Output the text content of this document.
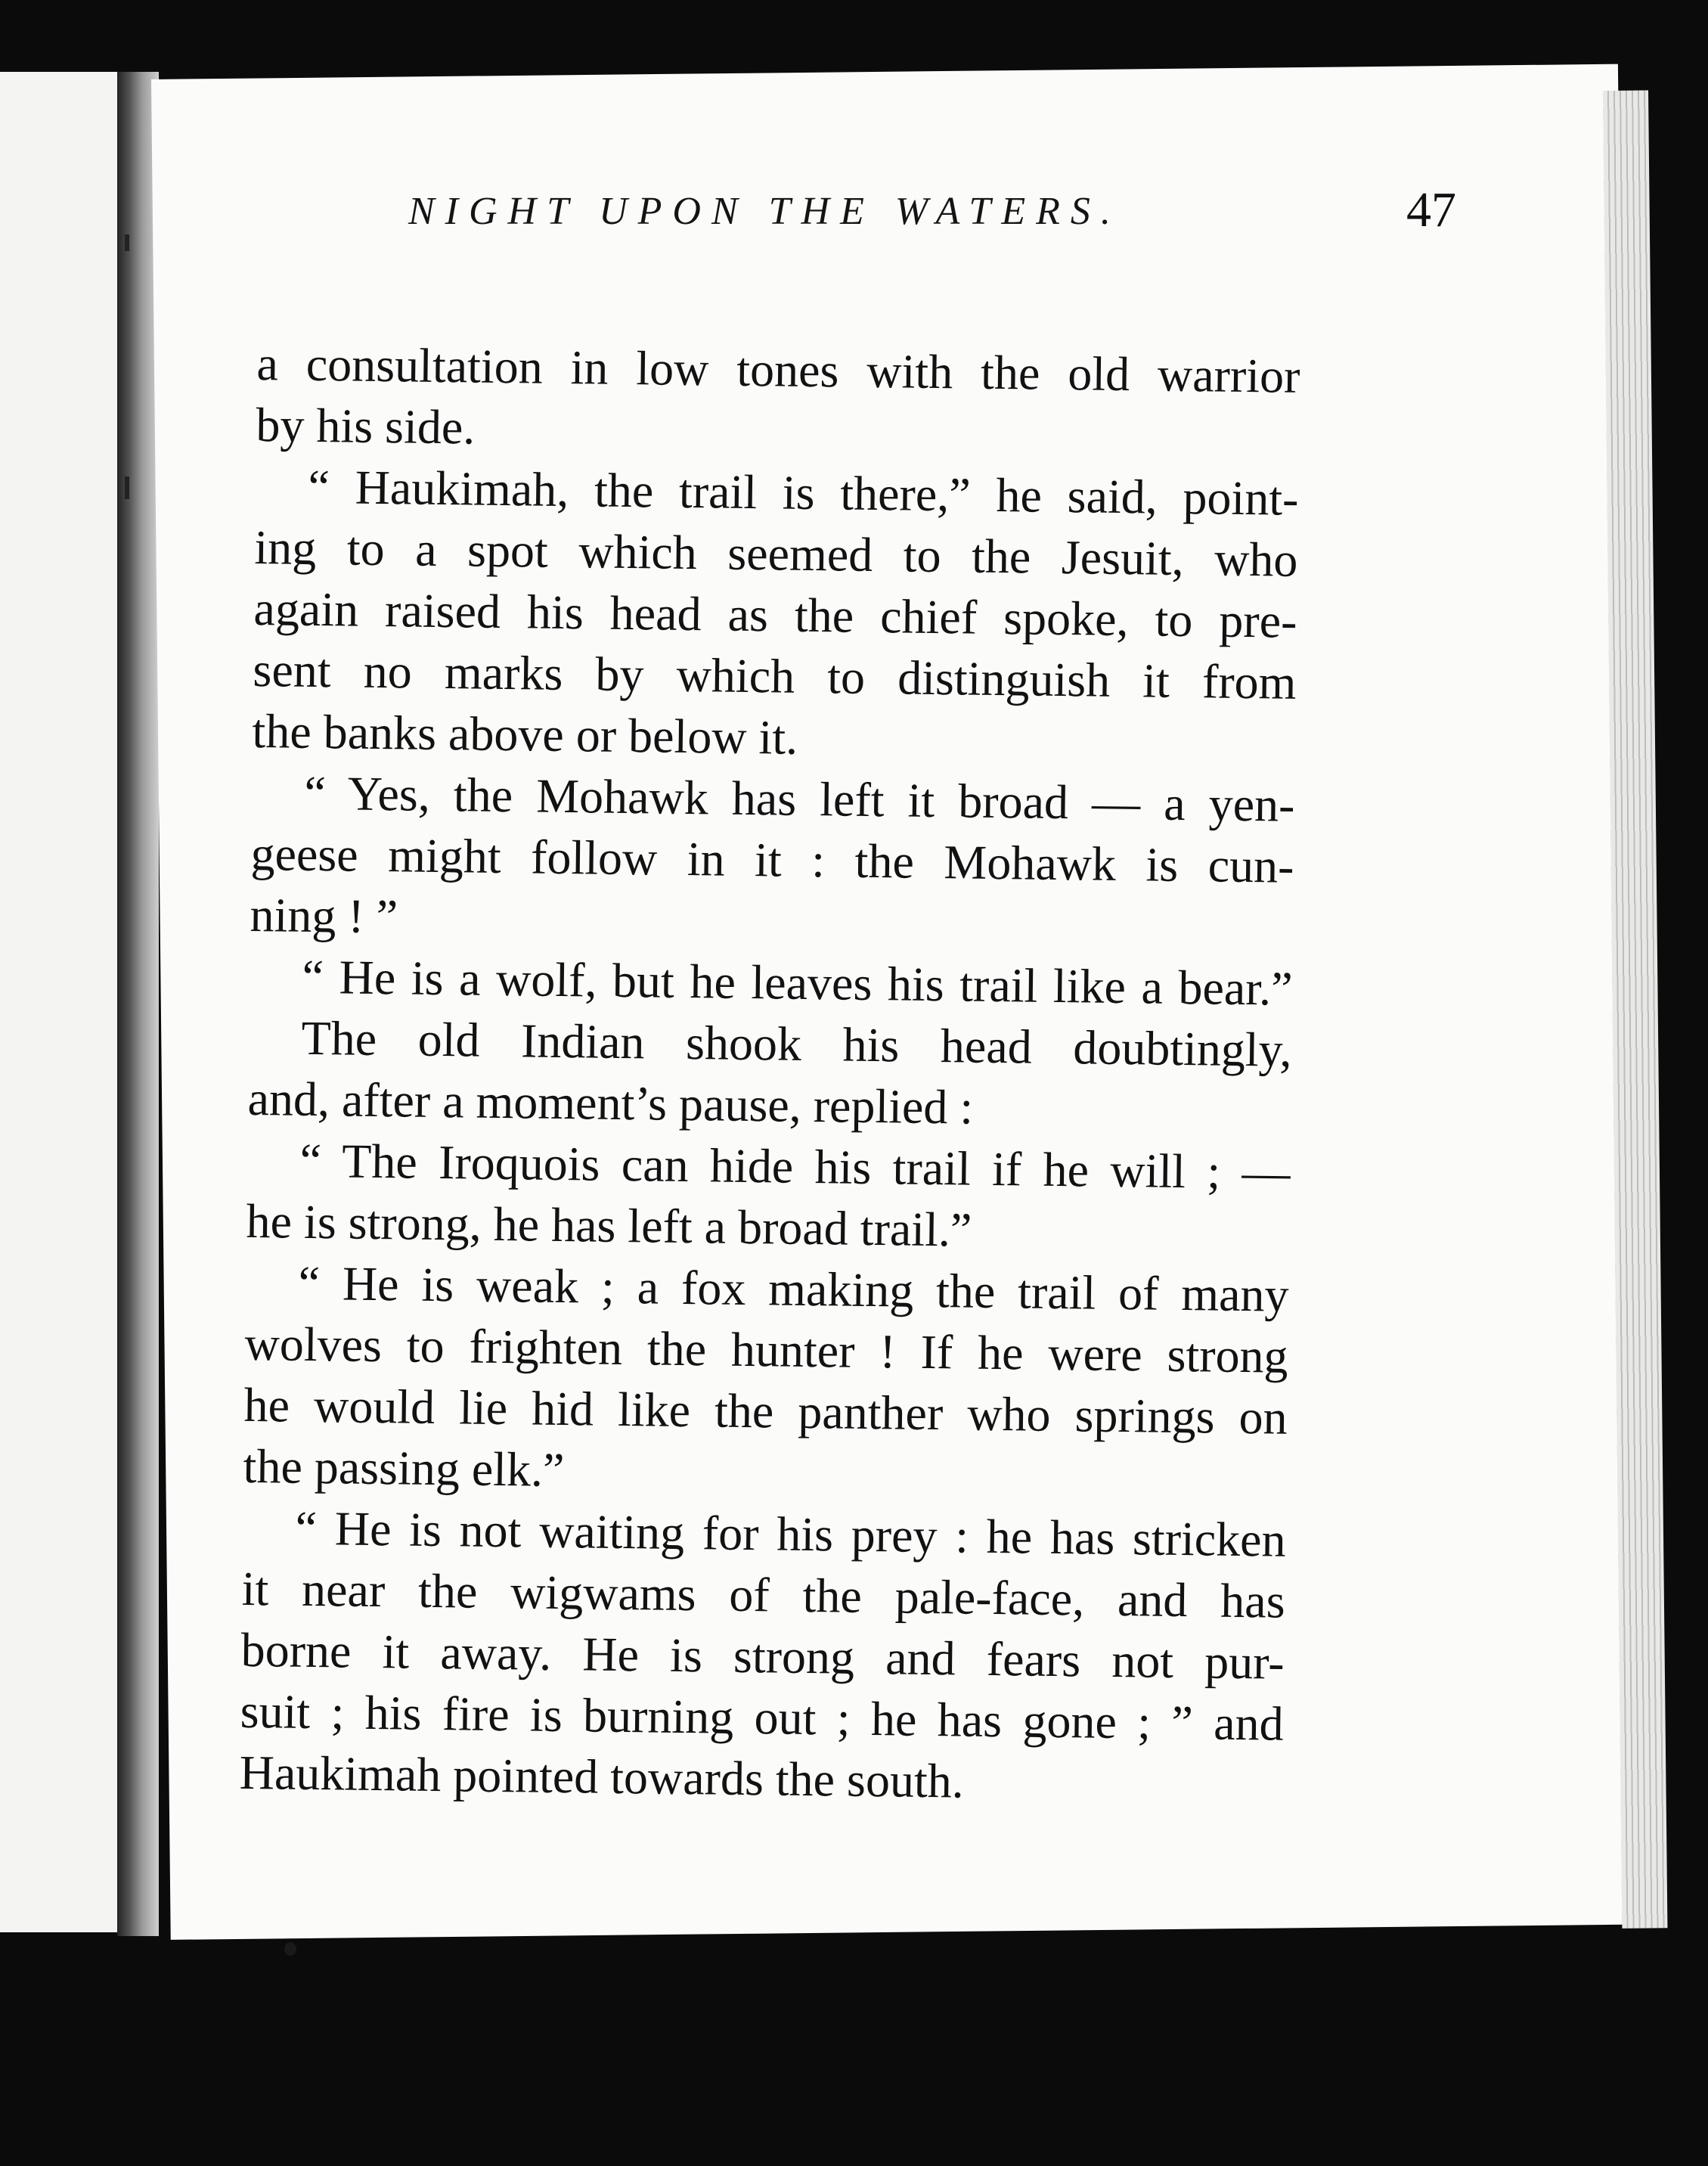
NIGHT UPON THE WATERS.	47
a consultation in low tones with the old warrior
by his side.
“ Haukimah, the trail is there,” he said, point-
ing to a spot which seemed to the Jesuit, who
again raised his head as the chief spoke, to pre-
sent no marks by which to distinguish it from
the banks above or below it.
“ Yes, the Mohawk has left it broad — a yen-
geese might follow in it : the Mohawk is cun-
ning ! ”
“ He is a wolf, but he leaves his trail like a bear.”
The old Indian shook his head doubtingly,
and, after a moment’s pause, replied :
“ The Iroquois can hide his trail if he will ; —
he is strong, he has left a broad trail.”
“ He is weak ; a fox making the trail of many
wolves to frighten the hunter ! If he were strong
he would lie hid like the panther who springs on
the passing elk.”
“ He is not waiting for his prey : he has stricken
it near the wigwams of the pale-face, and has
borne it away. He is strong and fears not pur-
suit ; his fire is burning out ; he has gone ; ” and
Haukimah pointed towards the south.
